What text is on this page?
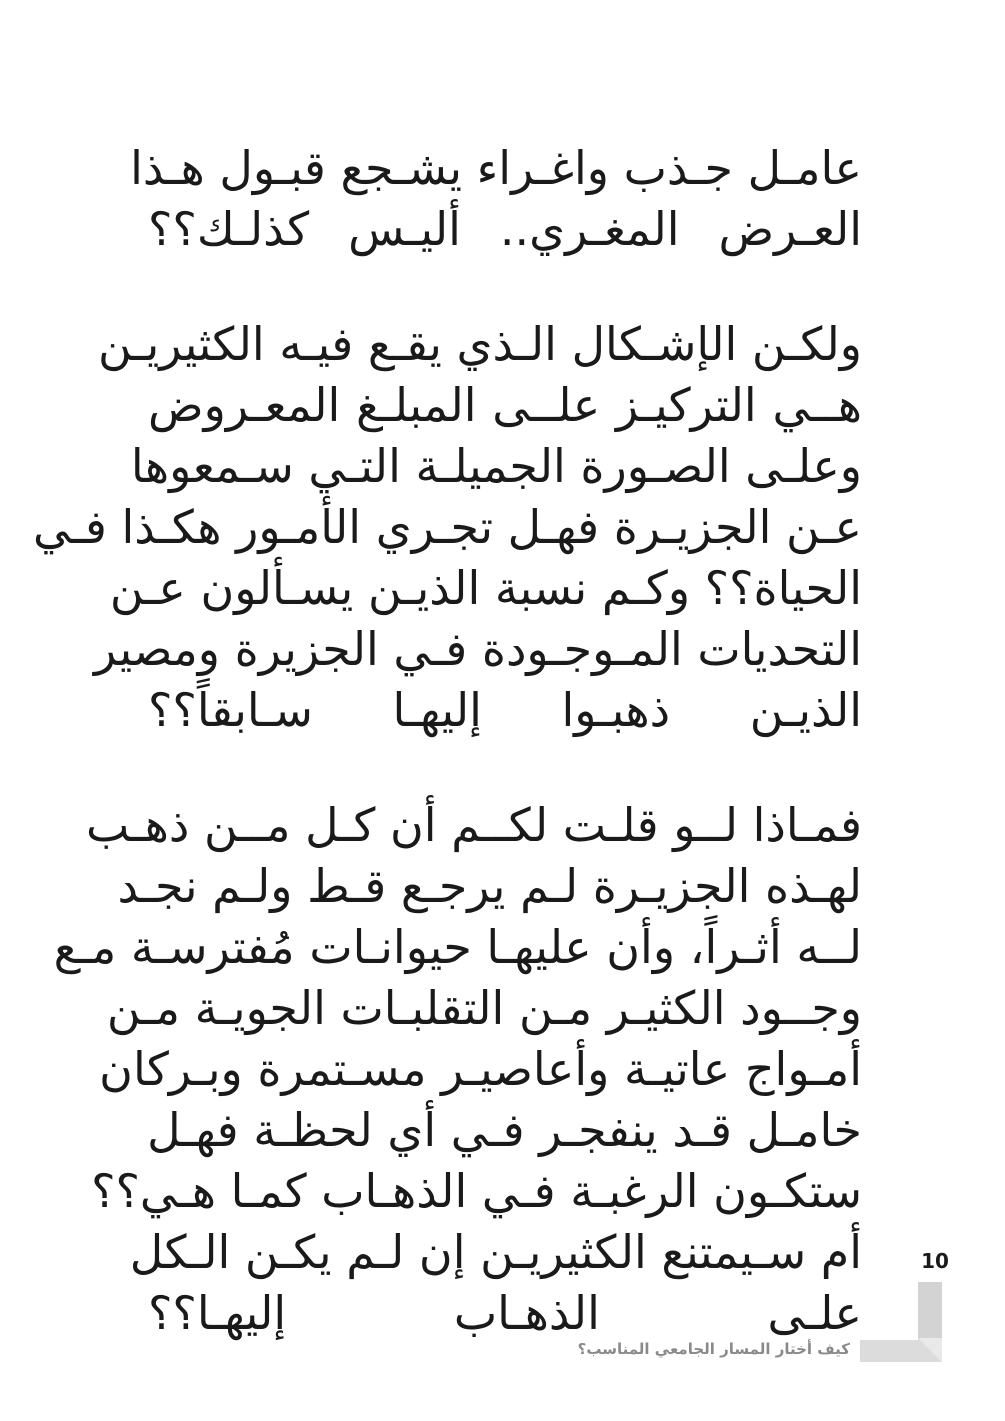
عامـل جـذب واغـراء يشـجع قبـول هـذا
العـرض المغـري.. أليـس كذلـك؟؟

ولكـن الإشـكال الـذي يقـع فيـه الكثيريـن
هــي التركيـز علــى المبلـغ المعـروض
وعلـى الصـورة الجميلـة التـي سـمعوها
عـن الجزيـرة فهـل تجـري الأمـور هكـذا فـي
الحياة؟؟ وكـم نسبة الذيـن يسـألون عـن
التحديات المـوجـودة فـي الجزيرة ومصير
الذيـن ذهبـوا إليهـا سـابقاً؟؟

فمـاذا لــو قلـت لكــم أن كـل مــن ذهـب
لهـذه الجزيـرة لـم يرجـع قـط ولـم نجـد
لــه أثـراً، وأن عليهـا حيوانـات مُفترسـة مـع
وجــود الكثيـر مـن التقلبـات الجويـة مـن
أمـواج عاتيـة وأعاصيـر مسـتمرة وبـركان
خامـل قـد ينفجـر فـي أي لحظـة فهـل
ستكـون الرغبـة فـي الذهـاب كمـا هـي؟؟
أم سـيمتنع الكثيريـن إن لـم يكـن الـكل
علـى الذهـاب إليهـا؟؟

10
كيف أختار المسار الجامعي المناسب؟
